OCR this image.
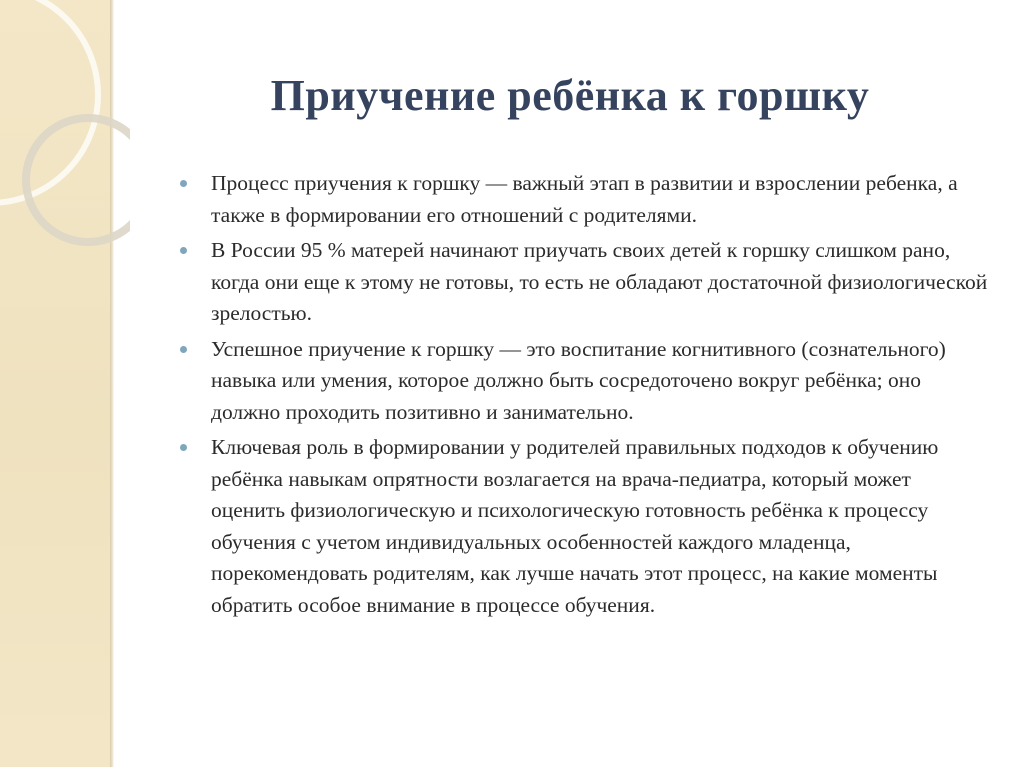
Приучение ребёнка к горшку
Процесс приучения к горшку — важный этап в развитии и взрослении ребенка, а также в формировании его отношений с родителями.
В России 95 % матерей начинают приучать своих детей к горшку слишком рано, когда они еще к этому не готовы, то есть не обладают достаточной физиологической зрелостью.
Успешное приучение к горшку — это воспитание когнитивного (сознательного) навыка или умения, которое должно быть сосредоточено вокруг ребёнка; оно должно проходить позитивно и занимательно.
Ключевая роль в формировании у родителей правильных подходов к обучению ребёнка навыкам опрятности возлагается на врача-педиатра, который может оценить физиологическую и психологическую готовность ребёнка к процессу обучения с учетом индивидуальных особенностей каждого младенца, порекомендовать родителям, как лучше начать этот процесс, на какие моменты обратить особое внимание в процессе обучения.
